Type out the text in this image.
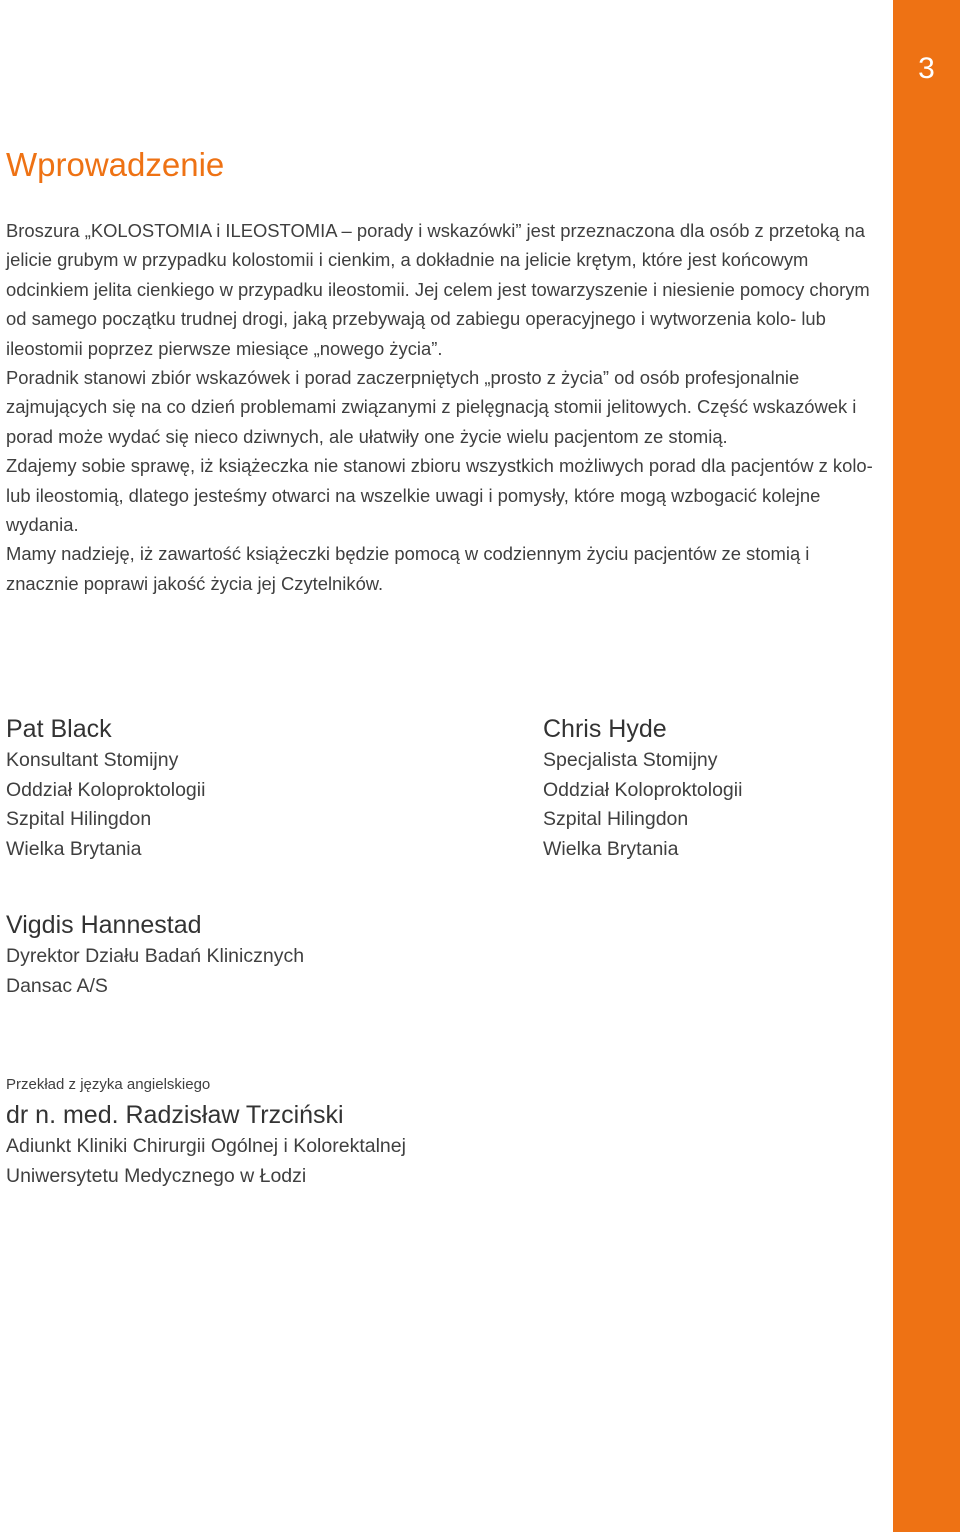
3
Wprowadzenie

Broszura „KOLOSTOMIA i ILEOSTOMIA – porady i wskazówki” jest przeznaczona dla osób z przetoką na jelicie grubym w przypadku kolostomii i cienkim, a dokładnie na jelicie krętym, które jest końcowym odcinkiem jelita cienkiego w przypadku ileostomii. Jej celem jest towarzyszenie i niesienie pomocy chorym od samego początku trudnej drogi, jaką przebywają od zabiegu operacyjnego i wytworzenia kolo- lub ileostomii poprzez pierwsze miesiące „nowego życia”.

Poradnik stanowi zbiór wskazówek i porad zaczerpniętych „prosto z życia” od osób profesjonalnie zajmujących się na co dzień problemami związanymi z pielęgnacją stomii jelitowych. Część wskazówek i porad może wydać się nieco dziwnych, ale ułatwiły one życie wielu pacjentom ze stomią.

Zdajemy sobie sprawę, iż książeczka nie stanowi zbioru wszystkich możliwych porad dla pacjentów z kolo- lub ileostomią, dlatego jesteśmy otwarci na wszelkie uwagi i pomysły, które mogą wzbogacić kolejne wydania.

Mamy nadzieję, iż zawartość książeczki będzie pomocą w codziennym życiu pacjentów ze stomią i znacznie poprawi jakość życia jej Czytelników.

Pat Black
Konsultant Stomijny
Oddział Koloproktologii
Szpital Hilingdon
Wielka Brytania
Chris Hyde
Specjalista Stomijny
Oddział Koloproktologii
Szpital Hilingdon
Wielka Brytania
Vigdis Hannestad
Dyrektor Działu Badań Klinicznych
Dansac A/S
Przekład z języka angielskiego
dr n. med. Radzisław Trzciński
Adiunkt Kliniki Chirurgii Ogólnej i Kolorektalnej
Uniwersytetu Medycznego w Łodzi
